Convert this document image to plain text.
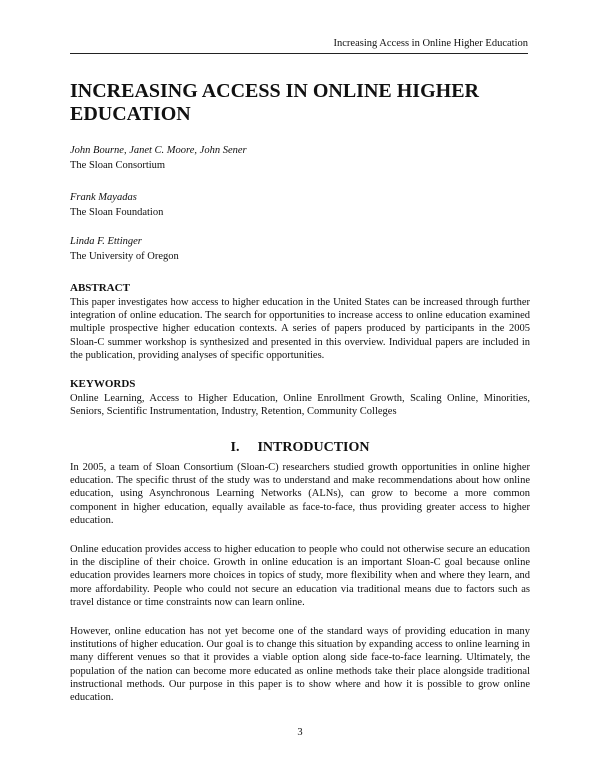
Increasing Access in Online Higher Education
INCREASING ACCESS IN ONLINE HIGHER
EDUCATION
John Bourne, Janet C. Moore, John Sener
The Sloan Consortium
Frank Mayadas
The Sloan Foundation
Linda F. Ettinger
The University of Oregon
ABSTRACT

This paper investigates how access to higher education in the United States can be increased through further integration of online education. The search for opportunities to increase access to online education examined multiple prospective higher education contexts. A series of papers produced by participants in the 2005 Sloan-C summer workshop is synthesized and presented in this overview. Individual papers are included in the publication, providing analyses of specific opportunities.

KEYWORDS

Online Learning, Access to Higher Education, Online Enrollment Growth, Scaling Online, Minorities, Seniors, Scientific Instrumentation, Industry, Retention, Community Colleges

I. INTRODUCTION

In 2005, a team of Sloan Consortium (Sloan-C) researchers studied growth opportunities in online higher education. The specific thrust of the study was to understand and make recommendations about how online education, using Asynchronous Learning Networks (ALNs), can grow to become a more common component in higher education, equally available as face-to-face, thus providing greater access to higher education.

Online education provides access to higher education to people who could not otherwise secure an education in the discipline of their choice. Growth in online education is an important Sloan-C goal because online education provides learners more choices in topics of study, more flexibility when and where they learn, and more affordability. People who could not secure an education via traditional means due to factors such as travel distance or time constraints now can learn online.

However, online education has not yet become one of the standard ways of providing education in many institutions of higher education. Our goal is to change this situation by expanding access to online learning in many different venues so that it provides a viable option along side face-to-face learning. Ultimately, the population of the nation can become more educated as online methods take their place alongside traditional instructional methods. Our purpose in this paper is to show where and how it is possible to grow online education.

3
